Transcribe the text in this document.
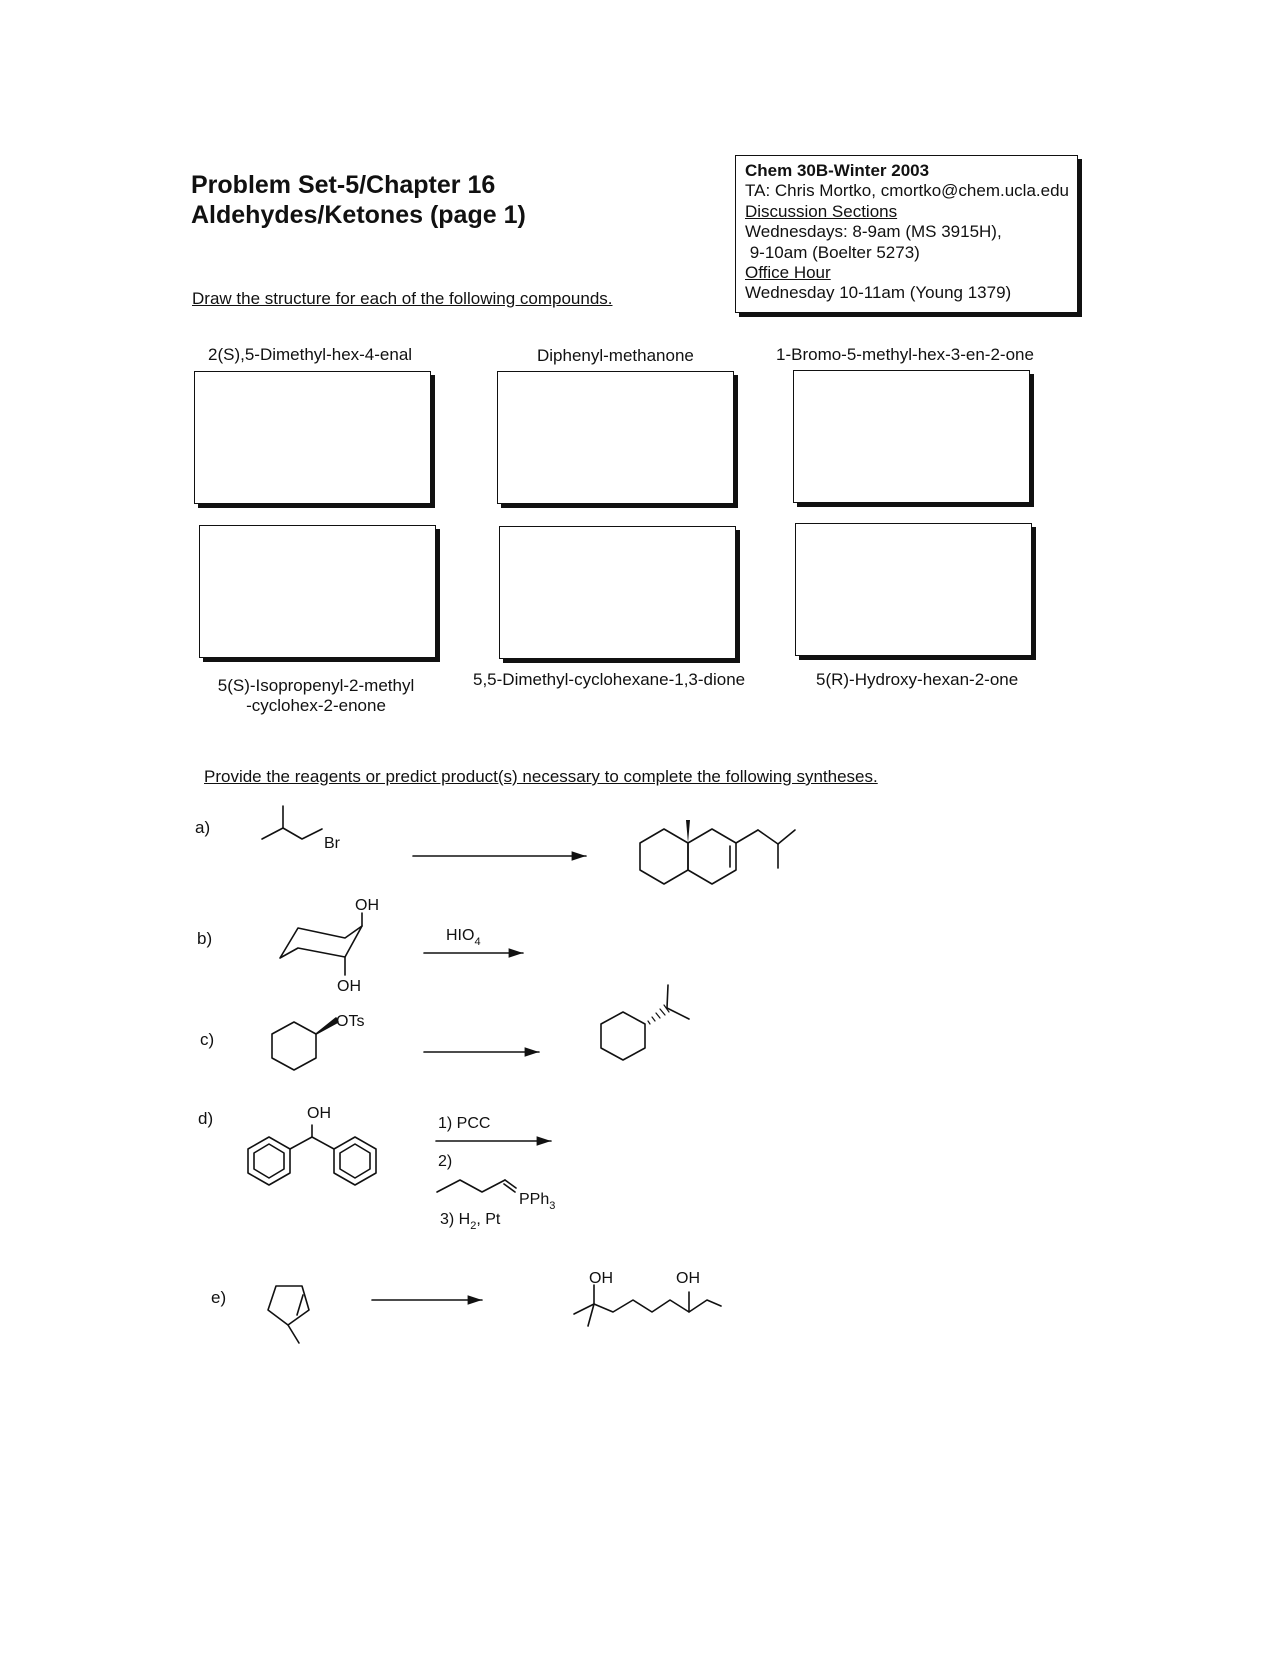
Problem Set-5/Chapter 16
Aldehydes/Ketones (page 1)
Chem 30B-Winter 2003
TA: Chris Mortko, cmortko@chem.ucla.edu
Discussion Sections
Wednesdays: 8-9am (MS 3915H),
9-10am (Boelter 5273)
Office Hour
Wednesday 10-11am (Young 1379)
Draw the structure for each of the following compounds.
2(S),5-Dimethyl-hex-4-enal	Diphenyl-methanone	1-Bromo-5-methyl-hex-3-en-2-one
5(S)-Isopropenyl-2-methyl
-cyclohex-2-enone
5,5-Dimethyl-cyclohexane-1,3-dione	5(R)-Hydroxy-hexan-2-one
Provide the reagents or predict product(s) necessary to complete the following syntheses.
a)
b)
c)
d)
e)
Br
OH
OH
$HIO_4$
OTs
OH
1) PCC
2)
PPh$_3$
3) $H_2$, Pt
OH	OH
